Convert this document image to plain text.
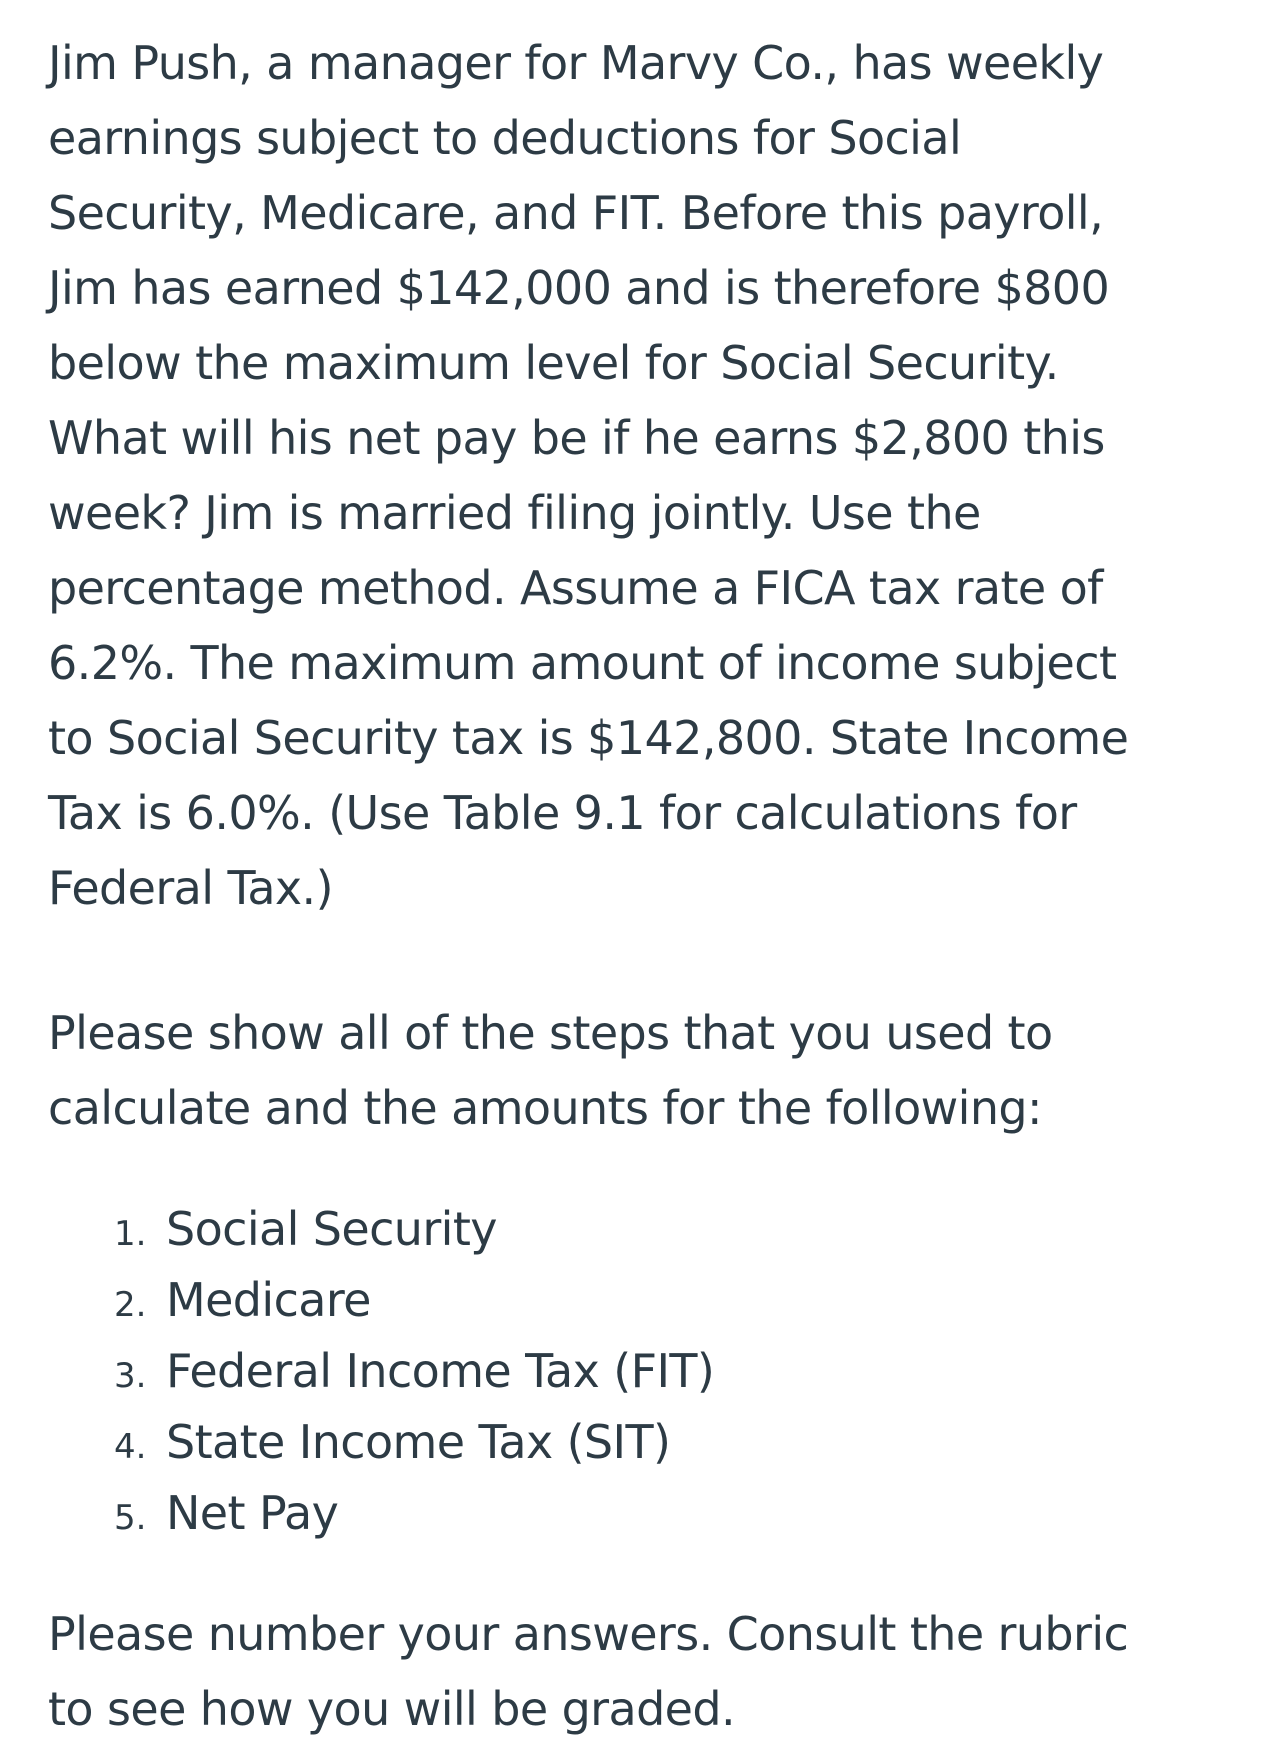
Jim Push, a manager for Marvy Co., has weekly
earnings subject to deductions for Social
Security, Medicare, and FIT. Before this payroll,
Jim has earned $142,000 and is therefore $800
below the maximum level for Social Security.
What will his net pay be if he earns $2,800 this
week? Jim is married filing jointly. Use the
percentage method. Assume a FICA tax rate of
6.2%. The maximum amount of income subject
to Social Security tax is $142,800. State Income
Tax is 6.0%. (Use Table 9.1 for calculations for
Federal Tax.)

Please show all of the steps that you used to
calculate and the amounts for the following:

1. Social Security
2. Medicare
3. Federal Income Tax (FIT)
4. State Income Tax (SIT)
5. Net Pay

Please number your answers. Consult the rubric
to see how you will be graded.
